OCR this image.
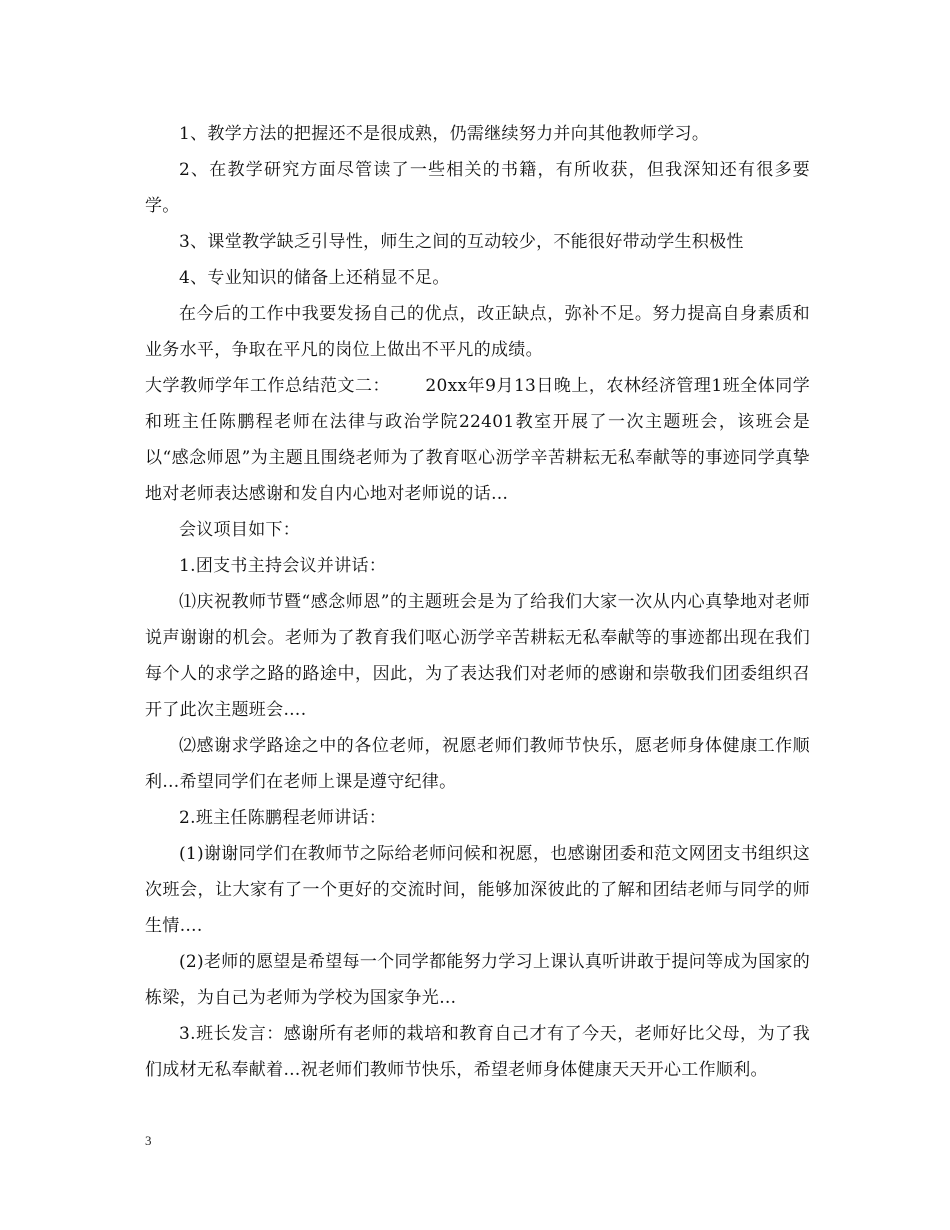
1、教学方法的把握还不是很成熟，仍需继续努力并向其他教师学习。

2、在教学研究方面尽管读了一些相关的书籍，有所收获，但我深知还有很多要学。

3、课堂教学缺乏引导性，师生之间的互动较少，不能很好带动学生积极性

4、专业知识的储备上还稍显不足。

在今后的工作中我要发扬自己的优点，改正缺点，弥补不足。努力提高自身素质和业务水平，争取在平凡的岗位上做出不平凡的成绩。

大学教师学年工作总结范文二：      20xx年9月13日晚上，农林经济管理1班全体同学和班主任陈鹏程老师在法律与政治学院22401教室开展了一次主题班会，该班会是以“感念师恩”为主题且围绕老师为了教育呕心沥学辛苦耕耘无私奉献等的事迹同学真挚地对老师表达感谢和发自内心地对老师说的话…

会议项目如下：

1.团支书主持会议并讲话：

⑴庆祝教师节暨“感念师恩”的主题班会是为了给我们大家一次从内心真挚地对老师说声谢谢的机会。老师为了教育我们呕心沥学辛苦耕耘无私奉献等的事迹都出现在我们每个人的求学之路的路途中，因此，为了表达我们对老师的感谢和崇敬我们团委组织召开了此次主题班会….

⑵感谢求学路途之中的各位老师，祝愿老师们教师节快乐，愿老师身体健康工作顺利…希望同学们在老师上课是遵守纪律。

2.班主任陈鹏程老师讲话：

(1)谢谢同学们在教师节之际给老师问候和祝愿，也感谢团委和范文网团支书组织这次班会，让大家有了一个更好的交流时间，能够加深彼此的了解和团结老师与同学的师生情….

(2)老师的愿望是希望每一个同学都能努力学习上课认真听讲敢于提问等成为国家的栋梁，为自己为老师为学校为国家争光…

3.班长发言：感谢所有老师的栽培和教育自己才有了今天，老师好比父母，为了我们成材无私奉献着…祝老师们教师节快乐，希望老师身体健康天天开心工作顺利。

3
